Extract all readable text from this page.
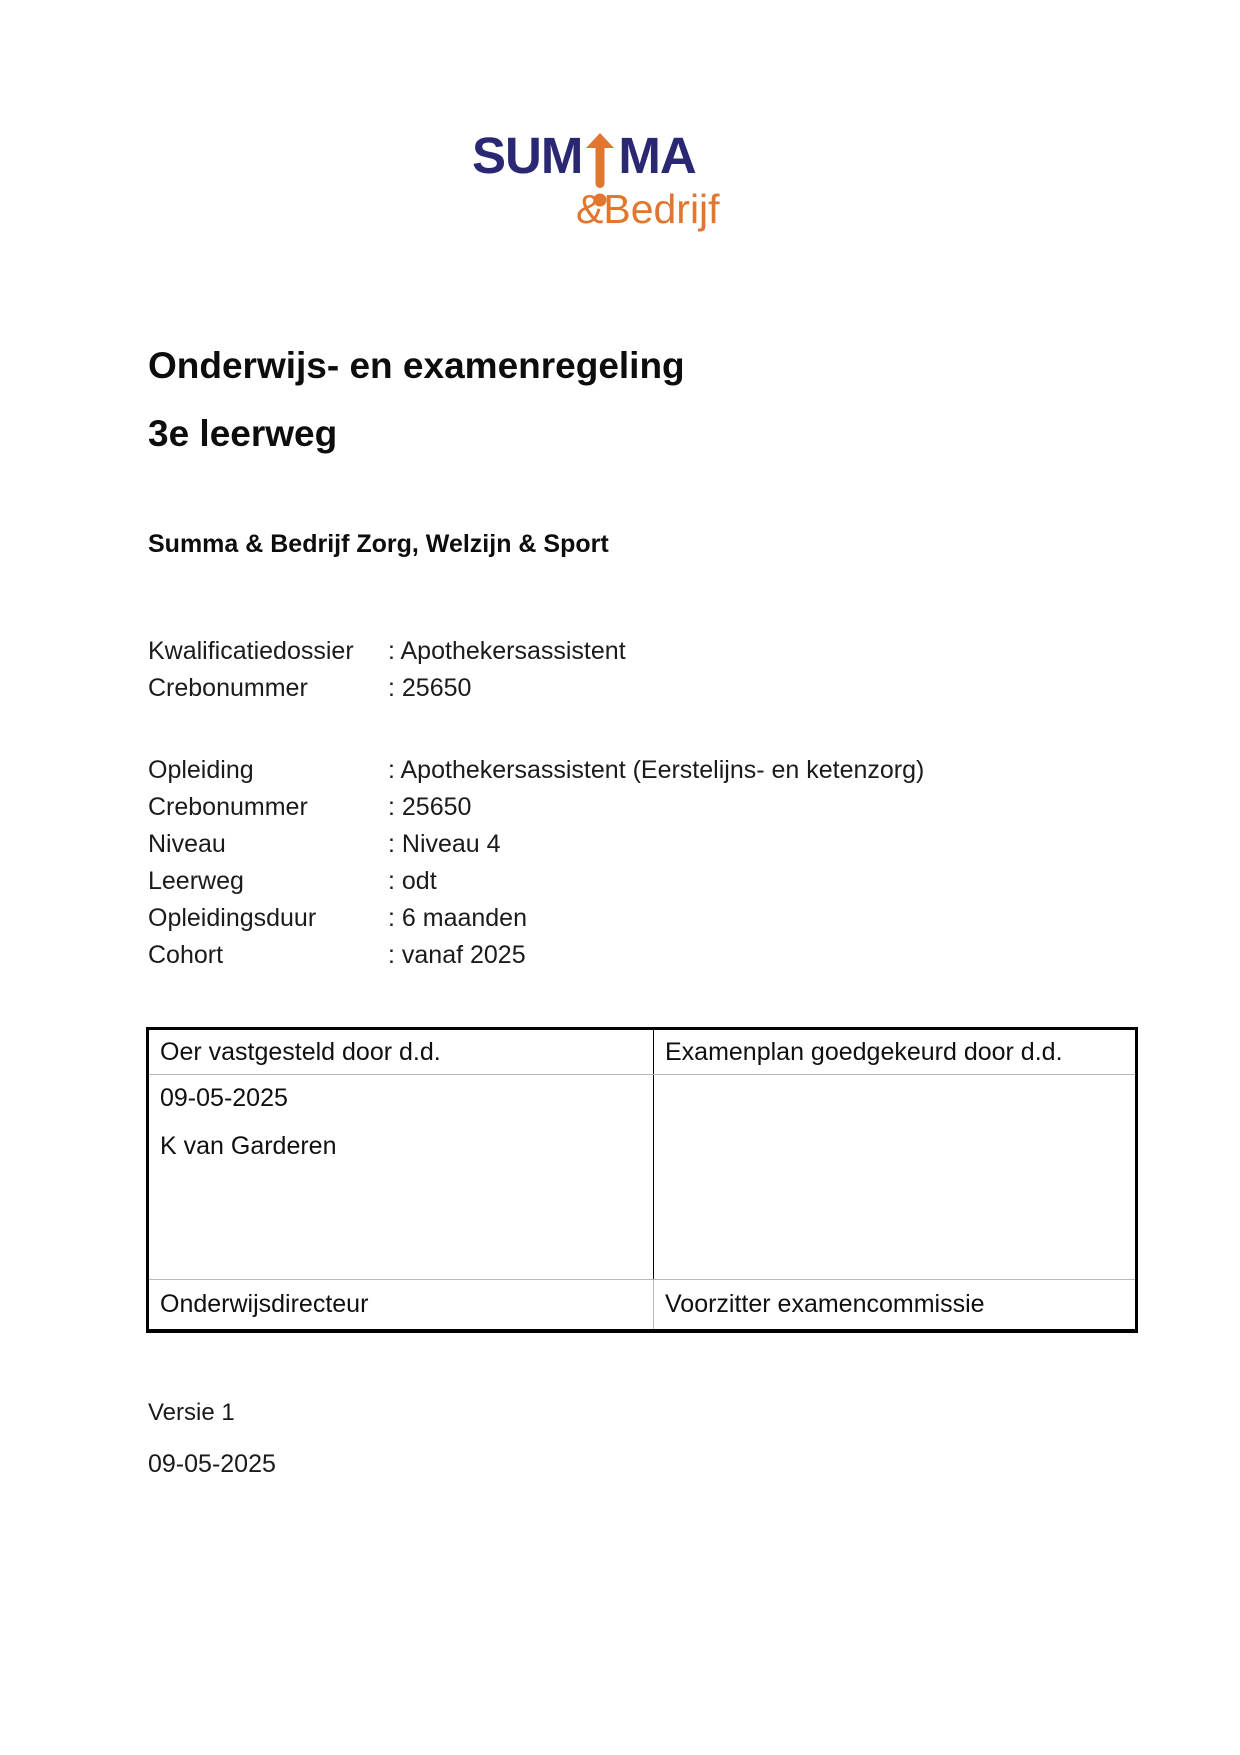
SUM MA
&Bedrijf
Onderwijs- en examenregeling
3e leerweg
Summa & Bedrijf Zorg, Welzijn & Sport
Kwalificatiedossier	: Apothekersassistent
Crebonummer	: 25650
Opleiding	: Apothekersassistent (Eerstelijns- en ketenzorg)
Crebonummer	: 25650
Niveau	: Niveau 4
Leerweg	: odt
Opleidingsduur	: 6 maanden
Cohort	: vanaf 2025
Oer vastgesteld door d.d.	Examenplan goedgekeurd door d.d.

09-05-2025
K van Garderen	

Onderwijsdirecteur	Voorzitter examencommissie
Versie 1
09-05-2025
